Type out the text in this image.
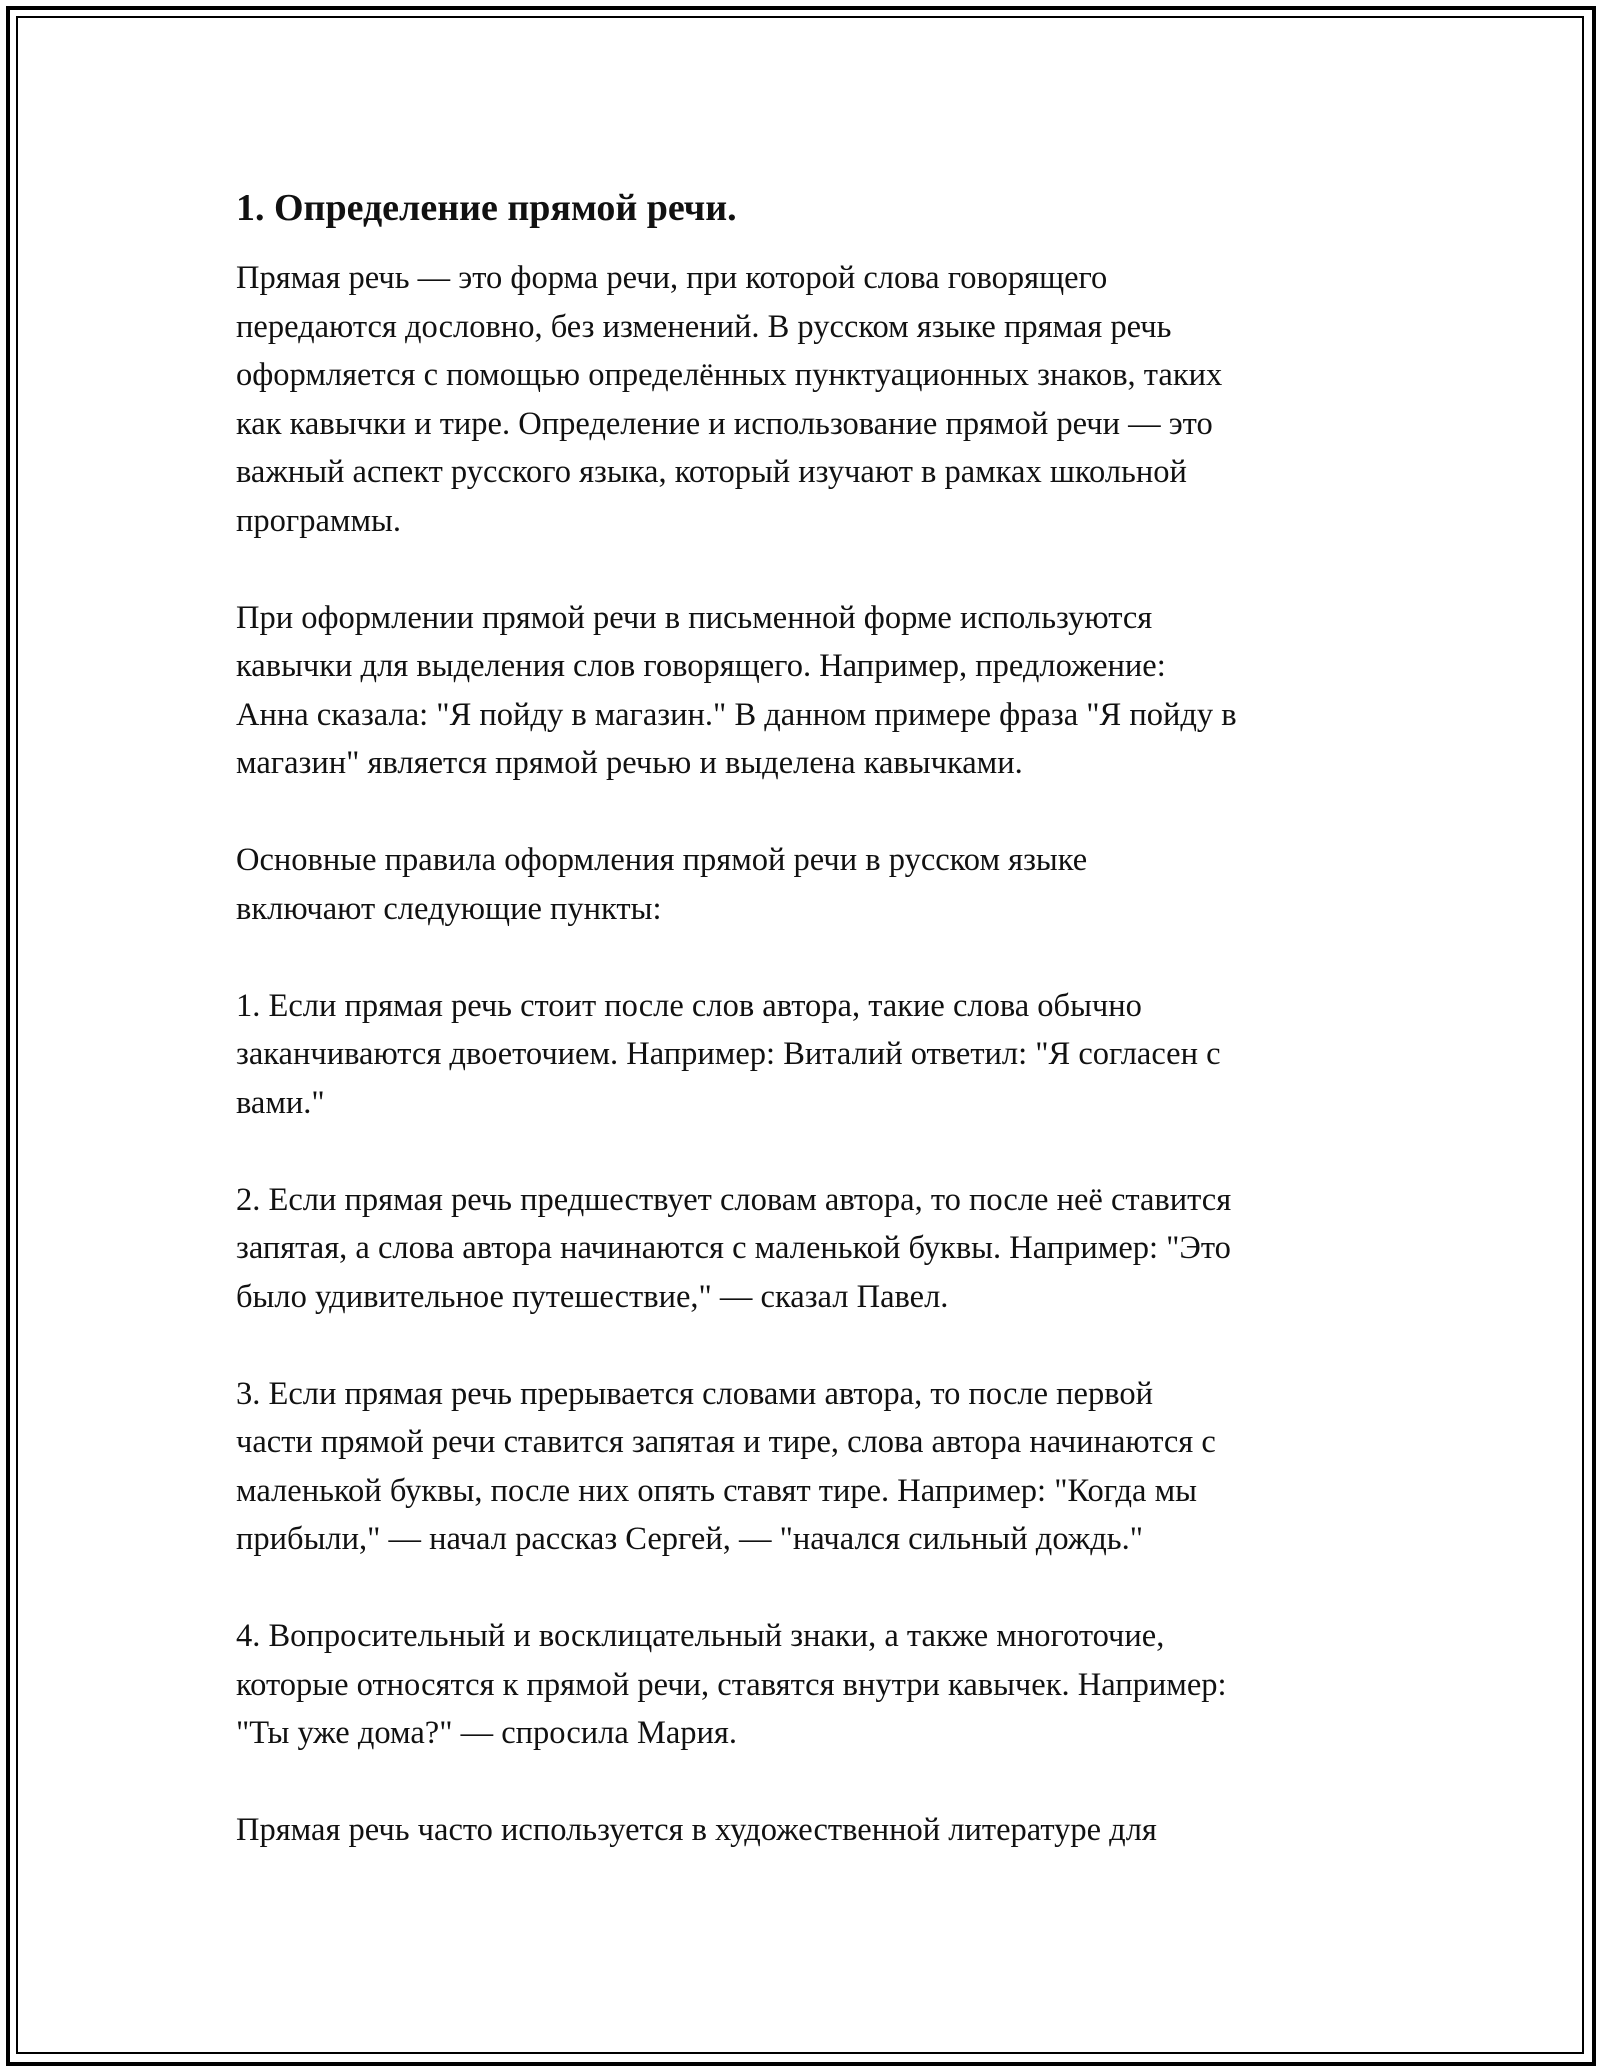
1. Определение прямой речи.
Прямая речь — это форма речи, при которой слова говорящего
передаются дословно, без изменений. В русском языке прямая речь
оформляется с помощью определённых пунктуационных знаков, таких
как кавычки и тире. Определение и использование прямой речи — это
важный аспект русского языка, который изучают в рамках школьной
программы.
При оформлении прямой речи в письменной форме используются
кавычки для выделения слов говорящего. Например, предложение:
Анна сказала: "Я пойду в магазин." В данном примере фраза "Я пойду в
магазин" является прямой речью и выделена кавычками.
Основные правила оформления прямой речи в русском языке
включают следующие пункты:
1. Если прямая речь стоит после слов автора, такие слова обычно
заканчиваются двоеточием. Например: Виталий ответил: "Я согласен с
вами."
2. Если прямая речь предшествует словам автора, то после неё ставится
запятая, а слова автора начинаются с маленькой буквы. Например: "Это
было удивительное путешествие," — сказал Павел.
3. Если прямая речь прерывается словами автора, то после первой
части прямой речи ставится запятая и тире, слова автора начинаются с
маленькой буквы, после них опять ставят тире. Например: "Когда мы
прибыли," — начал рассказ Сергей, — "начался сильный дождь."
4. Вопросительный и восклицательный знаки, а также многоточие,
которые относятся к прямой речи, ставятся внутри кавычек. Например:
"Ты уже дома?" — спросила Мария.
Прямая речь часто используется в художественной литературе для
